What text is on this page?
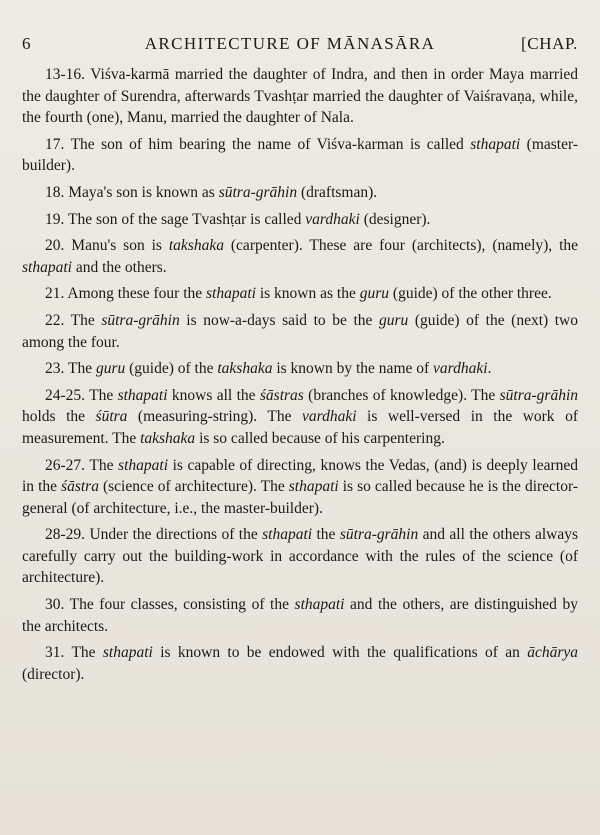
6	ARCHITECTURE OF MĀNASĀRA	[CHAP.

13-16. Viśva-karmā married the daughter of Indra, and then in order Maya married the daughter of Surendra, afterwards Tvashṭar married the daughter of Vaiśravaṇa, while, the fourth (one), Manu, married the daughter of Nala.

17. The son of him bearing the name of Viśva-karman is called sthapati (master-builder).

18. Maya's son is known as sūtra-grāhin (draftsman).

19. The son of the sage Tvashṭar is called vardhaki (designer).

20. Manu's son is takshaka (carpenter). These are four (architects), (namely), the sthapati and the others.

21. Among these four the sthapati is known as the guru (guide) of the other three.

22. The sūtra-grāhin is now-a-days said to be the guru (guide) of the (next) two among the four.

23. The guru (guide) of the takshaka is known by the name of vardhaki.

24-25. The sthapati knows all the śāstras (branches of knowledge). The sūtra-grāhin holds the śūtra (measuring-string). The vardhaki is well-versed in the work of measurement. The takshaka is so called because of his carpentering.

26-27. The sthapati is capable of directing, knows the Vedas, (and) is deeply learned in the śāstra (science of architecture). The sthapati is so called because he is the director-general (of architecture, i.e., the master-builder).

28-29. Under the directions of the sthapati the sūtra-grāhin and all the others always carefully carry out the building-work in accordance with the rules of the science (of architecture).

30. The four classes, consisting of the sthapati and the others, are distinguished by the architects.

31. The sthapati is known to be endowed with the qualifications of an āchārya (director).
